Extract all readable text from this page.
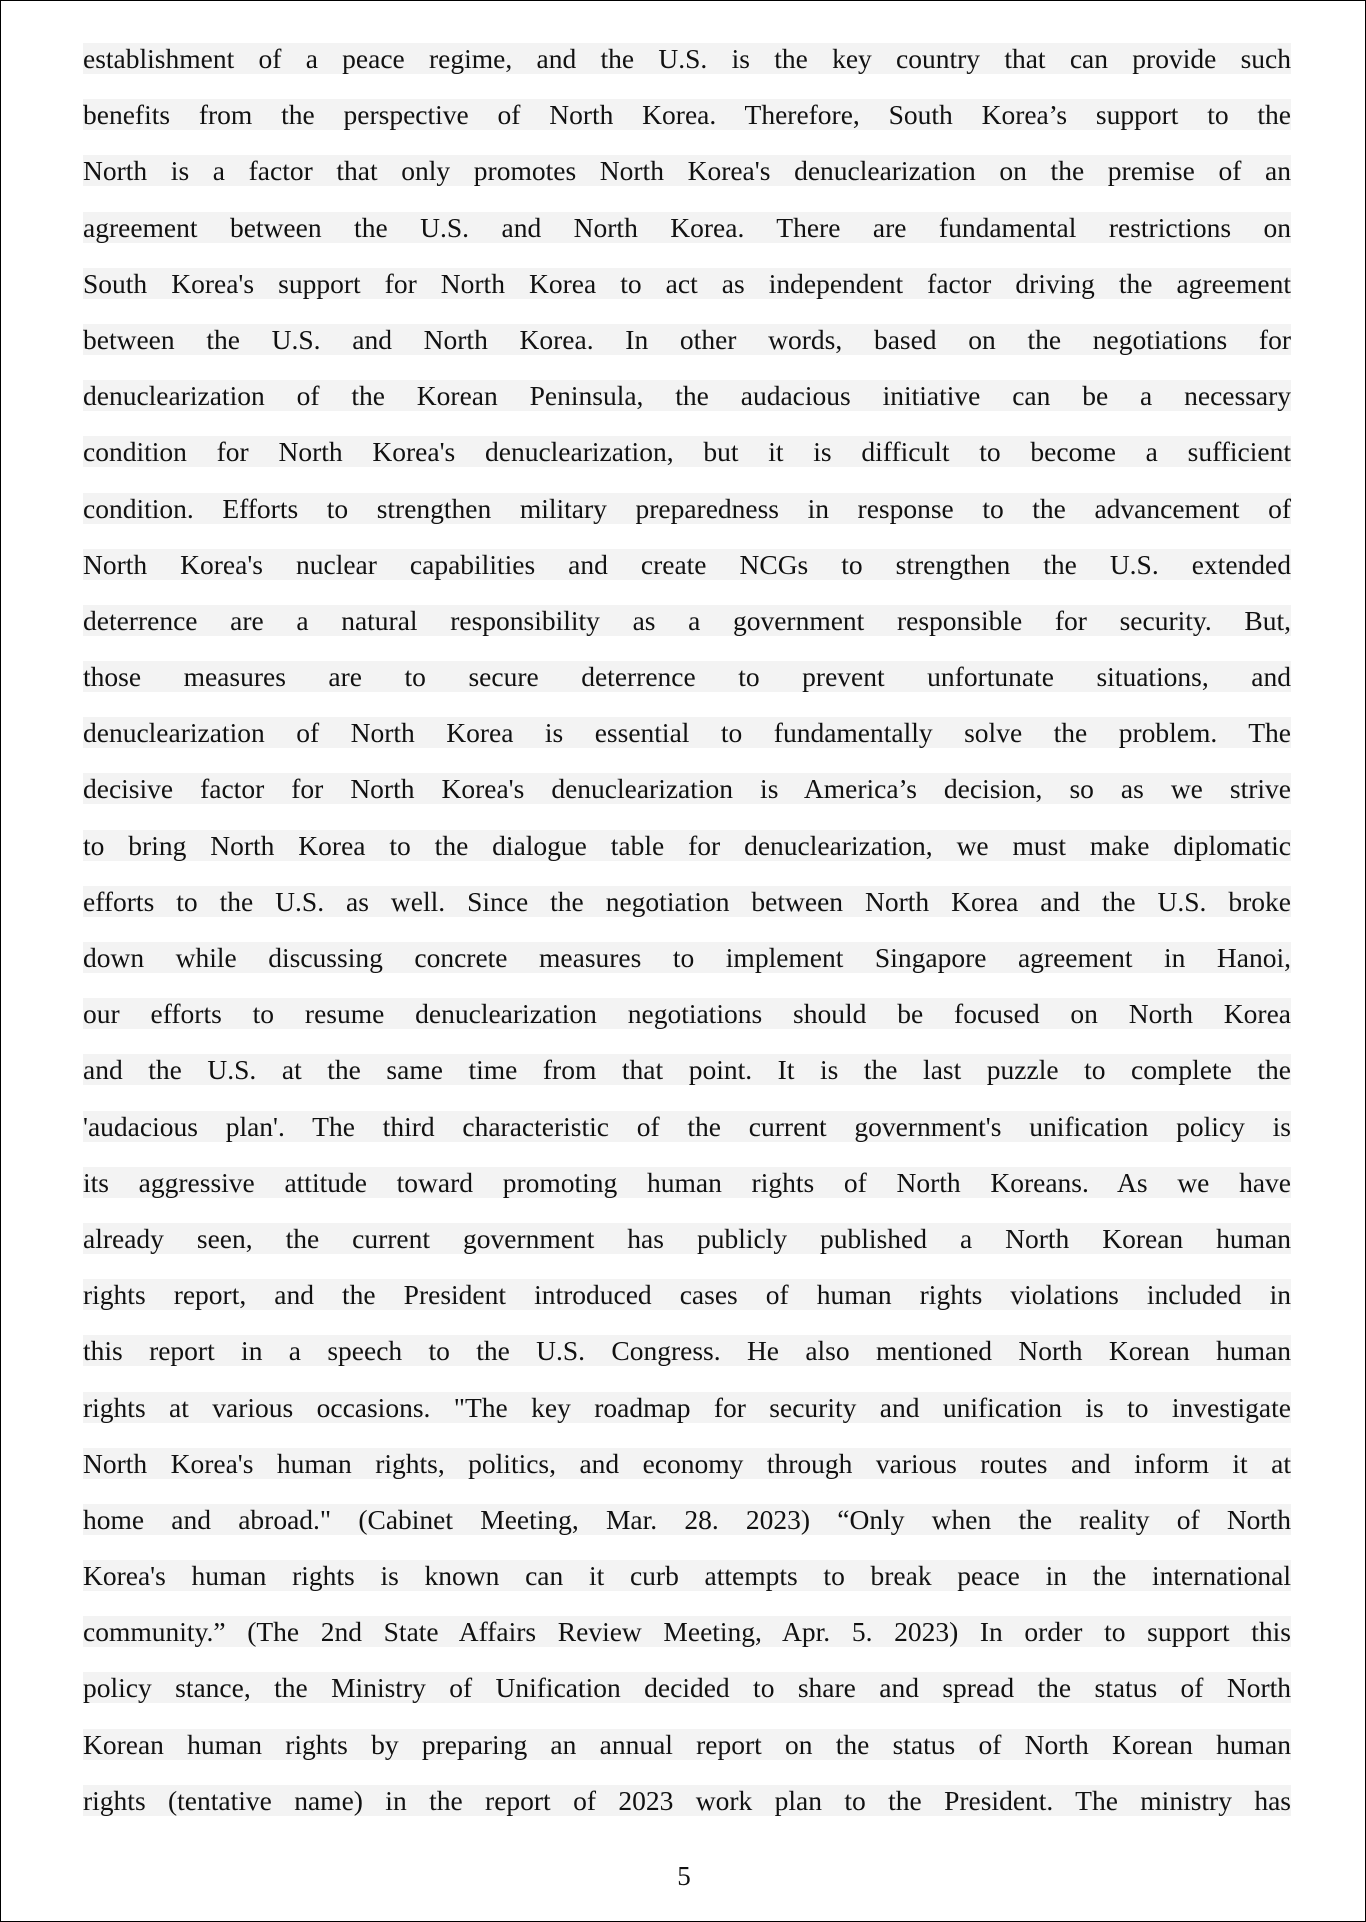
establishment of a peace regime, and the U.S. is the key country that can provide such
benefits from the perspective of North Korea. Therefore, South Korea’s support to the
North is a factor that only promotes North Korea's denuclearization on the premise of an
agreement between the U.S. and North Korea. There are fundamental restrictions on
South Korea's support for North Korea to act as independent factor driving the agreement
between the U.S. and North Korea. In other words, based on the negotiations for
denuclearization of the Korean Peninsula, the audacious initiative can be a necessary
condition for North Korea's denuclearization, but it is difficult to become a sufficient
condition. Efforts to strengthen military preparedness in response to the advancement of
North Korea's nuclear capabilities and create NCGs to strengthen the U.S. extended
deterrence are a natural responsibility as a government responsible for security. But,
those measures are to secure deterrence to prevent unfortunate situations, and
denuclearization of North Korea is essential to fundamentally solve the problem. The
decisive factor for North Korea's denuclearization is America’s decision, so as we strive
to bring North Korea to the dialogue table for denuclearization, we must make diplomatic
efforts to the U.S. as well. Since the negotiation between North Korea and the U.S. broke
down while discussing concrete measures to implement Singapore agreement in Hanoi,
our efforts to resume denuclearization negotiations should be focused on North Korea
and the U.S. at the same time from that point. It is the last puzzle to complete the
'audacious plan'. The third characteristic of the current government's unification policy is
its aggressive attitude toward promoting human rights of North Koreans. As we have
already seen, the current government has publicly published a North Korean human
rights report, and the President introduced cases of human rights violations included in
this report in a speech to the U.S. Congress. He also mentioned North Korean human
rights at various occasions. "The key roadmap for security and unification is to investigate
North Korea's human rights, politics, and economy through various routes and inform it at
home and abroad." (Cabinet Meeting, Mar. 28. 2023) “Only when the reality of North
Korea's human rights is known can it curb attempts to break peace in the international
community.” (The 2nd State Affairs Review Meeting, Apr. 5. 2023) In order to support this
policy stance, the Ministry of Unification decided to share and spread the status of North
Korean human rights by preparing an annual report on the status of North Korean human
rights (tentative name) in the report of 2023 work plan to the President. The ministry has
5
